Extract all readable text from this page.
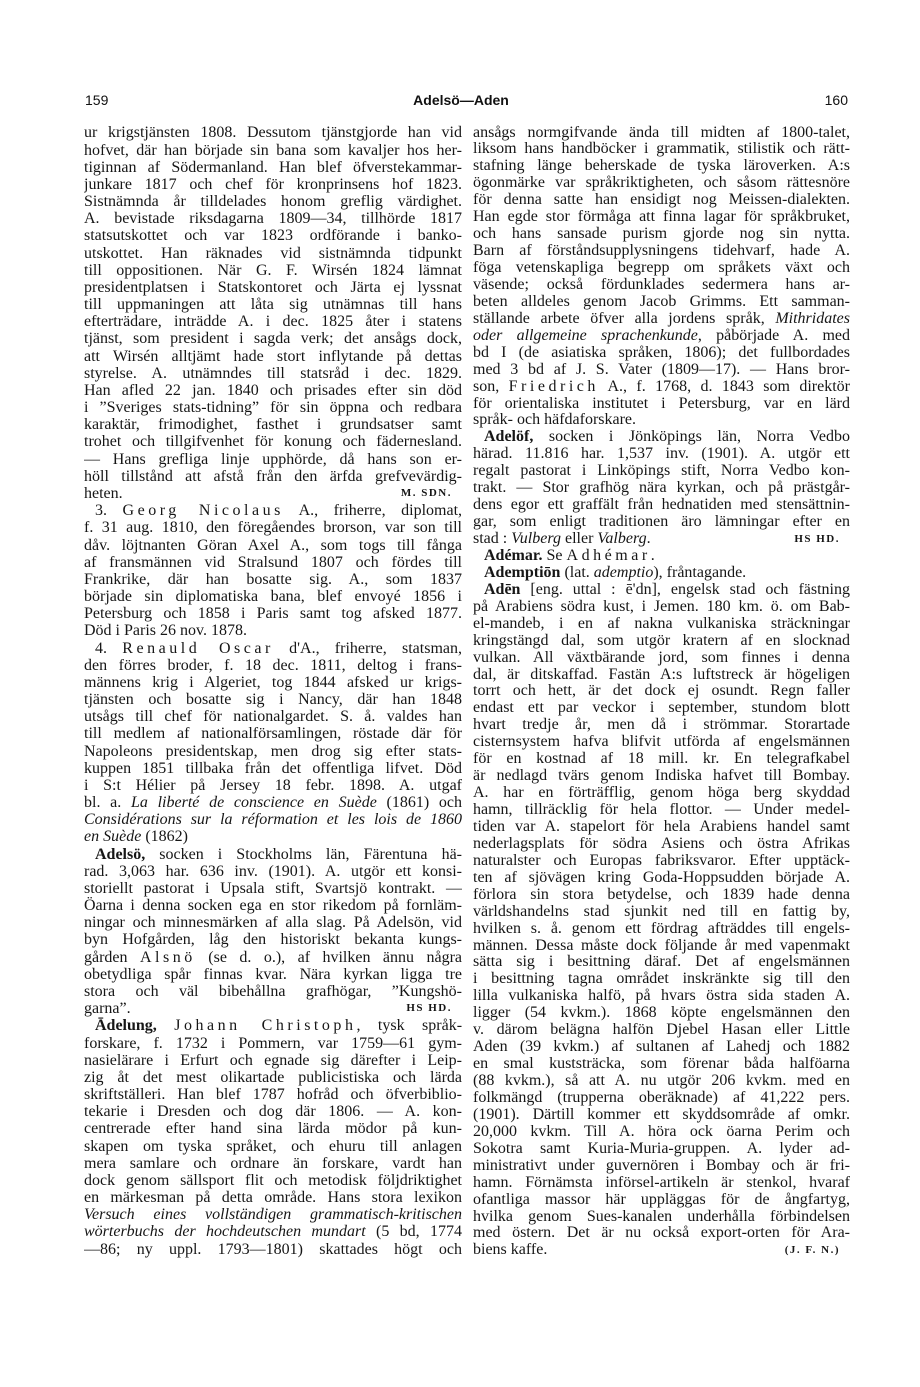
159	Adelsö—Aden	160
ur krigstjänsten 1808. Dessutom tjänstgjorde han vid
hofvet, där han började sin bana som kavaljer hos her-
tiginnan af Södermanland. Han blef öfverstekammar-
junkare 1817 och chef för kronprinsens hof 1823.
Sistnämnda år tilldelades honom greflig värdighet.
A. bevistade riksdagarna 1809—34, tillhörde 1817
statsutskottet och var 1823 ordförande i banko-
utskottet. Han räknades vid sistnämnda tidpunkt
till oppositionen. När G. F. Wirsén 1824 lämnat
presidentplatsen i Statskontoret och Järta ej lyssnat
till uppmaningen att låta sig utnämnas till hans
efterträdare, inträdde A. i dec. 1825 åter i statens
tjänst, som president i sagda verk; det ansågs dock,
att Wirsén alltjämt hade stort inflytande på dettas
styrelse. A. utnämndes till statsråd i dec. 1829.
Han afled 22 jan. 1840 och prisades efter sin död
i ”Sveriges stats-tidning” för sin öppna och redbara
karaktär, frimodighet, fasthet i grundsatser samt
trohet och tillgifvenhet för konung och fädernesland.
— Hans grefliga linje upphörde, då hans son er-
höll tillstånd att afstå från den ärfda grefvevärdig-
M. SDN.
heten.
3. Georg Nicolaus A., friherre, diplomat,
f. 31 aug. 1810, den föregåendes brorson, var son till
dåv. löjtnanten Göran Axel A., som togs till fånga
af fransmännen vid Stralsund 1807 och fördes till
Frankrike, där han bosatte sig. A., som 1837
började sin diplomatiska bana, blef envoyé 1856 i
Petersburg och 1858 i Paris samt tog afsked 1877.
Död i Paris 26 nov. 1878.
4. Renauld Oscar d'A., friherre, statsman,
den förres broder, f. 18 dec. 1811, deltog i frans-
männens krig i Algeriet, tog 1844 afsked ur krigs-
tjänsten och bosatte sig i Nancy, där han 1848
utsågs till chef för nationalgardet. S. å. valdes han
till medlem af nationalförsamlingen, röstade där för
Napoleons presidentskap, men drog sig efter stats-
kuppen 1851 tillbaka från det offentliga lifvet. Död
i S:t Hélier på Jersey 18 febr. 1898. A. utgaf
bl. a. La liberté de conscience en Suède (1861) och
Considérations sur la réformation et les lois de 1860
en Suède (1862)
Adelsö, socken i Stockholms län, Färentuna hä-
rad. 3,063 har. 636 inv. (1901). A. utgör ett konsi-
storiellt pastorat i Upsala stift, Svartsjö kontrakt. —
Öarna i denna socken ega en stor rikedom på fornläm-
ningar och minnesmärken af alla slag. På Adelsön, vid
byn Hofgården, låg den historiskt bekanta kungs-
gården Alsnö (se d. o.), af hvilken ännu några
obetydliga spår finnas kvar. Nära kyrkan ligga tre
stora och väl bibehållna grafhögar, ”Kungshö-
HS HD.
garna”.
Ādelung, Johann Christoph, tysk språk-
forskare, f. 1732 i Pommern, var 1759—61 gym-
nasielärare i Erfurt och egnade sig därefter i Leip-
zig åt det mest olikartade publicistiska och lärda
skriftställeri. Han blef 1787 hofråd och öfverbiblio-
tekarie i Dresden och dog där 1806. — A. kon-
centrerade efter hand sina lärda mödor på kun-
skapen om tyska språket, och ehuru till anlagen
mera samlare och ordnare än forskare, vardt han
dock genom sällsport flit och metodisk följdriktighet
en märkesman på detta område. Hans stora lexikon
Versuch eines vollständigen grammatisch-kritischen
wörterbuchs der hochdeutschen mundart (5 bd, 1774
—86; ny uppl. 1793—1801) skattades högt och
ansågs normgifvande ända till midten af 1800-talet,
liksom hans handböcker i grammatik, stilistik och rätt-
stafning länge beherskade de tyska läroverken. A:s
ögonmärke var språkriktigheten, och såsom rättesnöre
för denna satte han ensidigt nog Meissen-dialekten.
Han egde stor förmåga att finna lagar för språkbruket,
och hans sansade purism gjorde nog sin nytta.
Barn af förståndsupplysningens tidehvarf, hade A.
föga vetenskapliga begrepp om språkets växt och
väsende; också fördunklades sedermera hans ar-
beten alldeles genom Jacob Grimms. Ett samman-
ställande arbete öfver alla jordens språk, Mithridates
oder allgemeine sprachenkunde, påbörjade A. med
bd I (de asiatiska språken, 1806); det fullbordades
med 3 bd af J. S. Vater (1809—17). — Hans bror-
son, Friedrich A., f. 1768, d. 1843 som direktör
för orientaliska institutet i Petersburg, var en lärd
språk- och häfdaforskare.
Adelöf, socken i Jönköpings län, Norra Vedbo
härad. 11.816 har. 1,537 inv. (1901). A. utgör ett
regalt pastorat i Linköpings stift, Norra Vedbo kon-
trakt. — Stor grafhög nära kyrkan, och på prästgår-
dens egor ett graffält från hednatiden med stensättnin-
gar, som enligt traditionen äro lämningar efter en
HS HD.
stad : Vulberg eller Valberg.
Adémar. Se Adhémar.
Ademptiōn (lat. ademptio), fråntagande.
Adēn [eng. uttal : ē'dn], engelsk stad och fästning
på Arabiens södra kust, i Jemen. 180 km. ö. om Bab-
el-mandeb, i en af nakna vulkaniska sträckningar
kringstängd dal, som utgör kratern af en slocknad
vulkan. All växtbärande jord, som finnes i denna
dal, är ditskaffad. Fastän A:s luftstreck är högeligen
torrt och hett, är det dock ej osundt. Regn faller
endast ett par veckor i september, stundom blott
hvart tredje år, men då i strömmar. Storartade
cisternsystem hafva blifvit utförda af engelsmännen
för en kostnad af 18 mill. kr. En telegrafkabel
är nedlagd tvärs genom Indiska hafvet till Bombay.
A. har en förträfflig, genom höga berg skyddad
hamn, tillräcklig för hela flottor. — Under medel-
tiden var A. stapelort för hela Arabiens handel samt
nederlagsplats för södra Asiens och östra Afrikas
naturalster och Europas fabriksvaror. Efter upptäck-
ten af sjövägen kring Goda-Hoppsudden började A.
förlora sin stora betydelse, och 1839 hade denna
världshandelns stad sjunkit ned till en fattig by,
hvilken s. å. genom ett fördrag afträddes till engels-
männen. Dessa måste dock följande år med vapenmakt
sätta sig i besittning däraf. Det af engelsmännen
i besittning tagna området inskränkte sig till den
lilla vulkaniska halfö, på hvars östra sida staden A.
ligger (54 kvkm.). 1868 köpte engelsmännen den
v. därom belägna halfön Djebel Hasan eller Little
Aden (39 kvkm.) af sultanen af Lahedj och 1882
en smal kuststräcka, som förenar båda halföarna
(88 kvkm.), så att A. nu utgör 206 kvkm. med en
folkmängd (trupperna oberäknade) af 41,222 pers.
(1901). Därtill kommer ett skyddsområde af omkr.
20,000 kvkm. Till A. höra ock öarna Perim och
Sokotra samt Kuria-Muria-gruppen. A. lyder ad-
ministrativt under guvernören i Bombay och är fri-
hamn. Förnämsta införsel-artikeln är stenkol, hvaraf
ofantliga massor här uppläggas för de ångfartyg,
hvilka genom Sues-kanalen underhålla förbindelsen
med östern. Det är nu också export-orten för Ara-
(J. F. N.)
biens kaffe.
